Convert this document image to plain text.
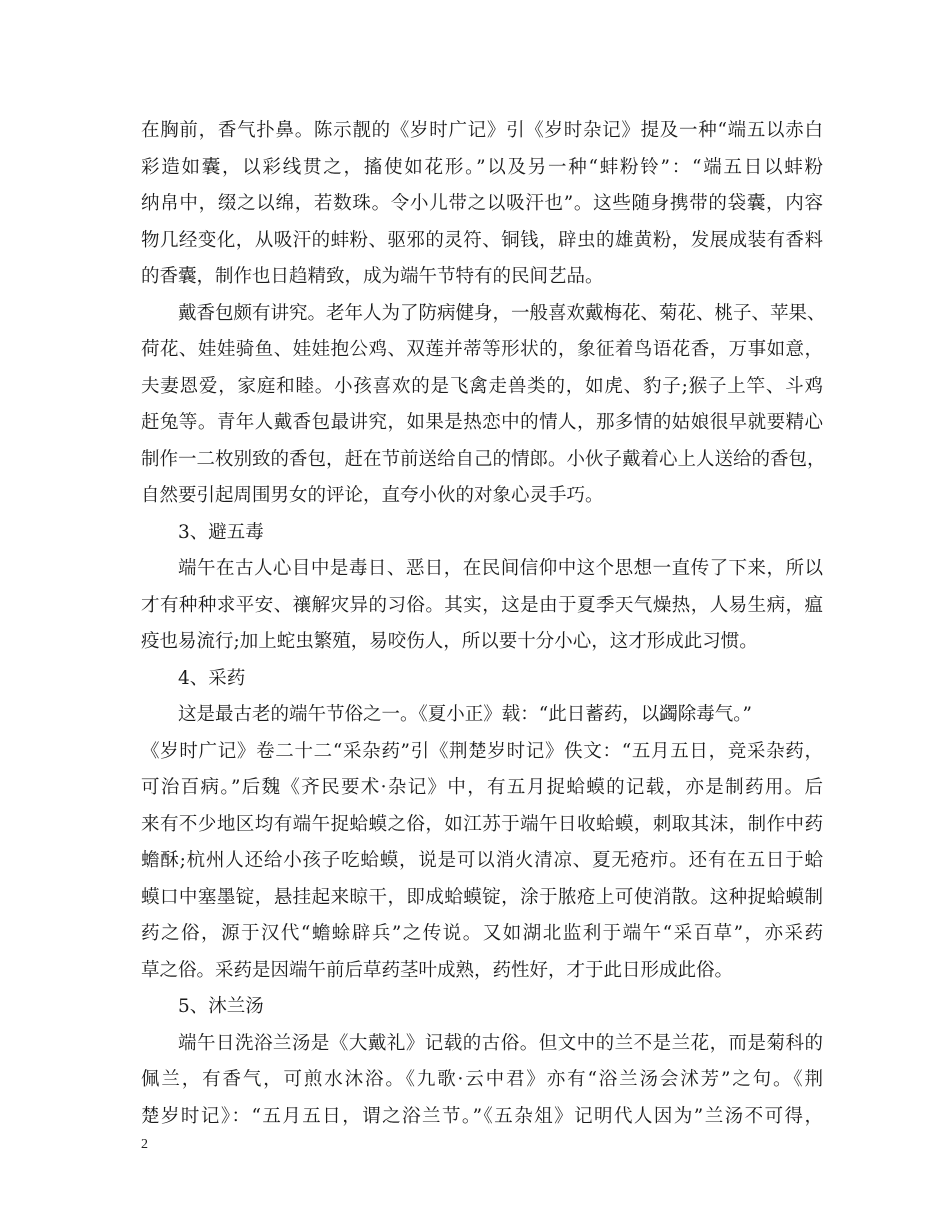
在胸前，香气扑鼻。陈示靓的《岁时广记》引《岁时杂记》提及一种“端五以赤白
彩造如囊，以彩线贯之，搐使如花形。”以及另一种“蚌粉铃”：“端五日以蚌粉
纳帛中，缀之以绵，若数珠。令小儿带之以吸汗也”。这些随身携带的袋囊，内容
物几经变化，从吸汗的蚌粉、驱邪的灵符、铜钱，辟虫的雄黄粉，发展成装有香料
的香囊，制作也日趋精致，成为端午节特有的民间艺品。
戴香包颇有讲究。老年人为了防病健身，一般喜欢戴梅花、菊花、桃子、苹果、
荷花、娃娃骑鱼、娃娃抱公鸡、双莲并蒂等形状的，象征着鸟语花香，万事如意，
夫妻恩爱，家庭和睦。小孩喜欢的是飞禽走兽类的，如虎、豹子;猴子上竿、斗鸡
赶兔等。青年人戴香包最讲究，如果是热恋中的情人，那多情的姑娘很早就要精心
制作一二枚别致的香包，赶在节前送给自己的情郎。小伙子戴着心上人送给的香包，
自然要引起周围男女的评论，直夸小伙的对象心灵手巧。
3、避五毒
端午在古人心目中是毒日、恶日，在民间信仰中这个思想一直传了下来，所以
才有种种求平安、禳解灾异的习俗。其实，这是由于夏季天气燥热，人易生病，瘟
疫也易流行;加上蛇虫繁殖，易咬伤人，所以要十分小心，这才形成此习惯。
4、采药
这是最古老的端午节俗之一。《夏小正》载：“此日蓄药，以蠲除毒气。”
《岁时广记》卷二十二“采杂药”引《荆楚岁时记》佚文：“五月五日，竞采杂药，
可治百病。”后魏《齐民要术·杂记》中，有五月捉蛤蟆的记载，亦是制药用。后
来有不少地区均有端午捉蛤蟆之俗，如江苏于端午日收蛤蟆，刺取其沫，制作中药
蟾酥;杭州人还给小孩子吃蛤蟆，说是可以消火清凉、夏无疮疖。还有在五日于蛤
蟆口中塞墨锭，悬挂起来晾干，即成蛤蟆锭，涂于脓疮上可使消散。这种捉蛤蟆制
药之俗，源于汉代“蟾蜍辟兵”之传说。又如湖北监利于端午“采百草”，亦采药
草之俗。采药是因端午前后草药茎叶成熟，药性好，才于此日形成此俗。
5、沐兰汤
端午日洗浴兰汤是《大戴礼》记载的古俗。但文中的兰不是兰花，而是菊科的
佩兰，有香气，可煎水沐浴。《九歌·云中君》亦有“浴兰汤会沭芳”之句。《荆
楚岁时记》：“五月五日，谓之浴兰节。”《五杂俎》记明代人因为”兰汤不可得，
2
